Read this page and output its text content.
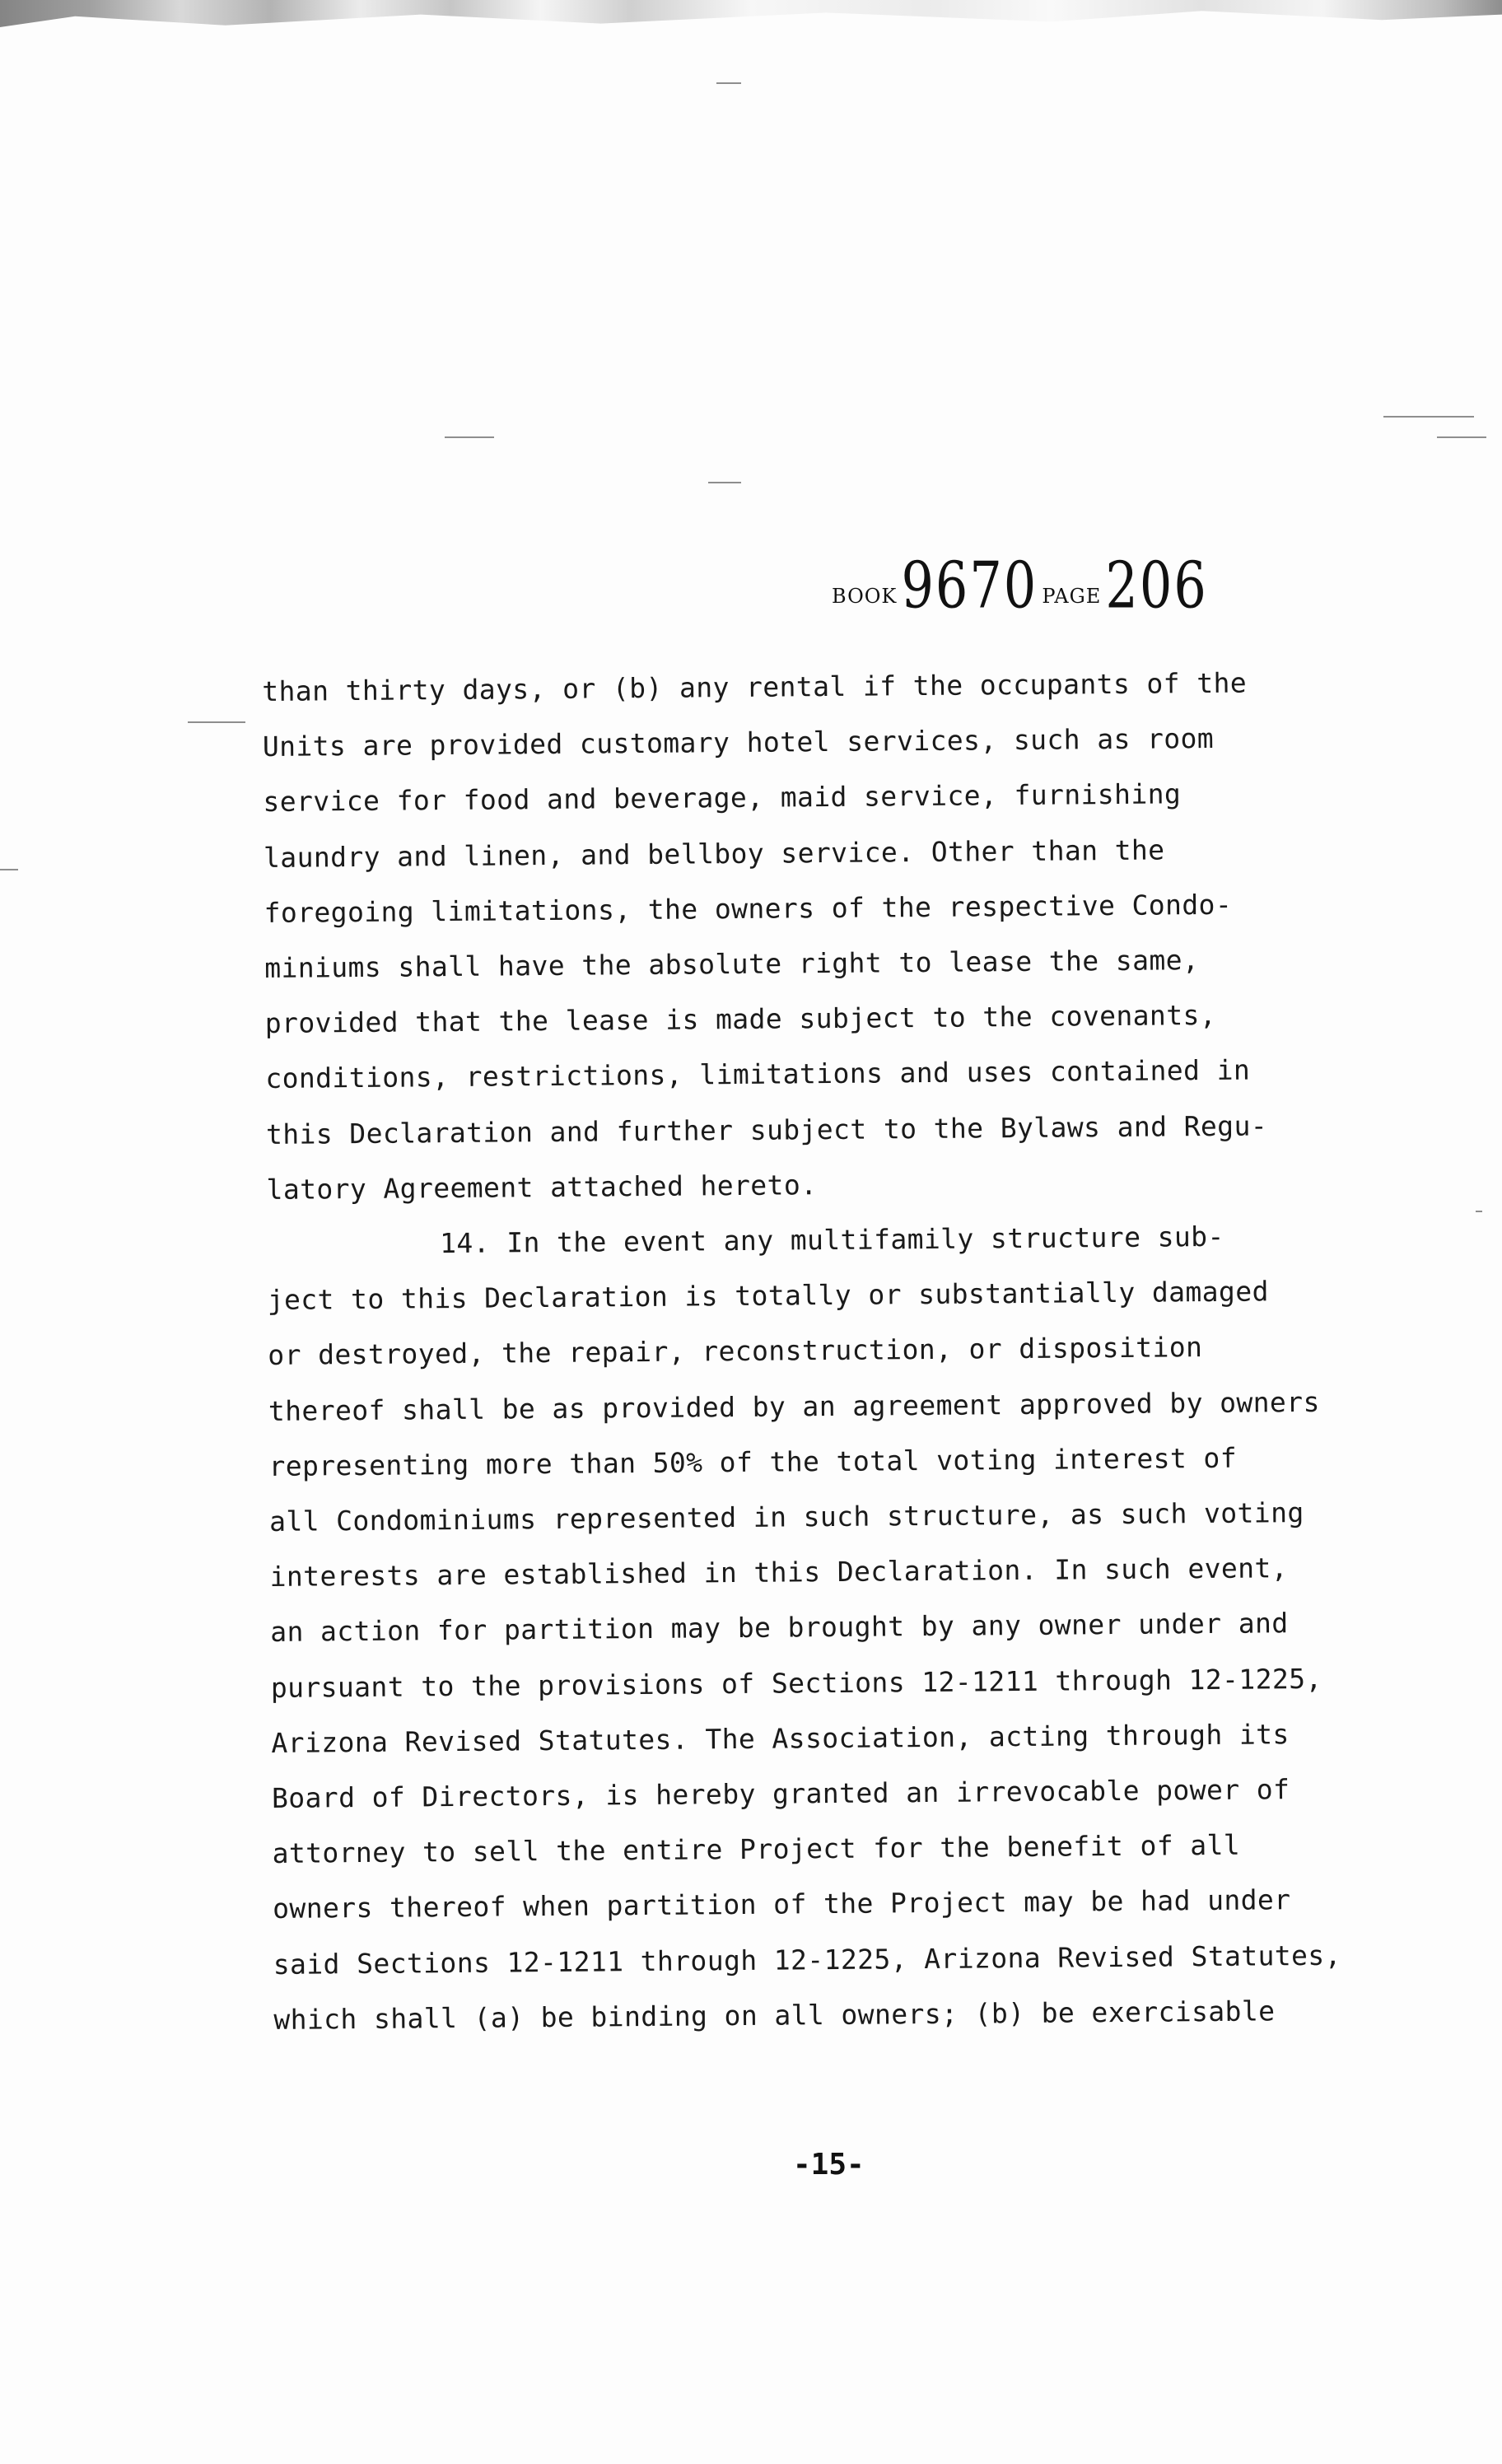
BOOK 9670 PAGE 206
than thirty days, or (b) any rental if the occupants of the
Units are provided customary hotel services, such as room
service for food and beverage, maid service, furnishing
laundry and linen, and bellboy service. Other than the
foregoing limitations, the owners of the respective Condo-
miniums shall have the absolute right to lease the same,
provided that the lease is made subject to the covenants,
conditions, restrictions, limitations and uses contained in
this Declaration and further subject to the Bylaws and Regu-
latory Agreement attached hereto.
14. In the event any multifamily structure sub-
ject to this Declaration is totally or substantially damaged
or destroyed, the repair, reconstruction, or disposition
thereof shall be as provided by an agreement approved by owners
representing more than 50% of the total voting interest of
all Condominiums represented in such structure, as such voting
interests are established in this Declaration. In such event,
an action for partition may be brought by any owner under and
pursuant to the provisions of Sections 12-1211 through 12-1225,
Arizona Revised Statutes. The Association, acting through its
Board of Directors, is hereby granted an irrevocable power of
attorney to sell the entire Project for the benefit of all
owners thereof when partition of the Project may be had under
said Sections 12-1211 through 12-1225, Arizona Revised Statutes,
which shall (a) be binding on all owners; (b) be exercisable
-15-
